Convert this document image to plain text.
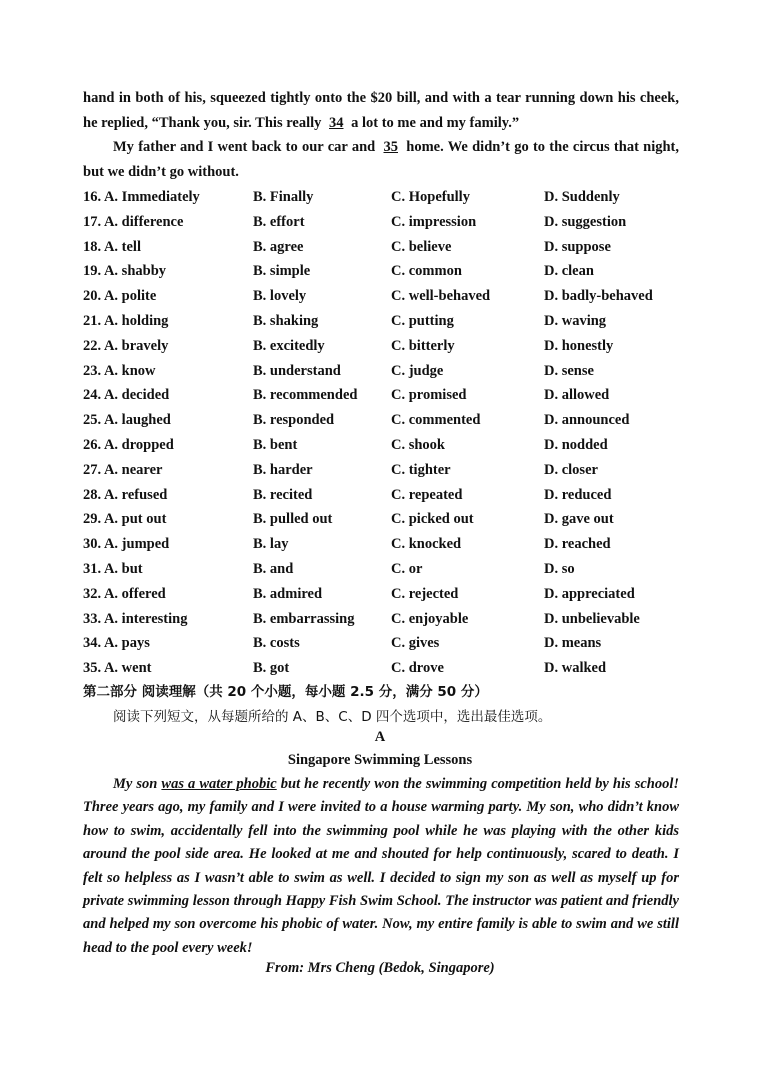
hand in both of his, squeezed tightly onto the $20 bill, and with a tear running down his cheek, he replied, “Thank you, sir. This really 34 a lot to me and my family.”
My father and I went back to our car and 35 home. We didn’t go to the circus that night, but we didn’t go without.
16. A. Immediately	B. Finally	C. Hopefully	D. Suddenly
17. A. difference	B. effort	C. impression	D. suggestion
18. A. tell	B. agree	C. believe	D. suppose
19. A. shabby	B. simple	C. common	D. clean
20. A. polite	B. lovely	C. well-behaved	D. badly-behaved
21. A. holding	B. shaking	C. putting	D. waving
22. A. bravely	B. excitedly	C. bitterly	D. honestly
23. A. know	B. understand	C. judge	D. sense
24. A. decided	B. recommended C. promised	D. allowed
25. A. laughed	B. responded	C. commented	D. announced
26. A. dropped	B. bent	C. shook	D. nodded
27. A. nearer	B. harder	C. tighter	D. closer
28. A. refused	B. recited	C. repeated	D. reduced
29. A. put out	B. pulled out	C. picked out	D. gave out
30. A. jumped	B. lay	C. knocked	D. reached
31. A. but	B. and	C. or	D. so
32. A. offered	B. admired	C. rejected	D. appreciated
33. A. interesting	B. embarrassing	C. enjoyable	D. unbelievable
34. A. pays	B. costs	C. gives	D. means
35. A. went	B. got	C. drove	D. walked
第二部分 阅读理解（共 20 个小题，每小题 2.5 分，满分 50 分）
阅读下列短文，从每题所给的 A、B、C、D 四个选项中，选出最佳选项。
A
Singapore Swimming Lessons
My son was a water phobic but he recently won the swimming competition held by his school! Three years ago, my family and I were invited to a house warming party. My son, who didn’t know how to swim, accidentally fell into the swimming pool while he was playing with the other kids around the pool side area. He looked at me and shouted for help continuously, scared to death. I felt so helpless as I wasn’t able to swim as well. I decided to sign my son as well as myself up for private swimming lesson through Happy Fish Swim School. The instructor was patient and friendly and helped my son overcome his phobic of water. Now, my entire family is able to swim and we still head to the pool every week!
From: Mrs Cheng (Bedok, Singapore)
